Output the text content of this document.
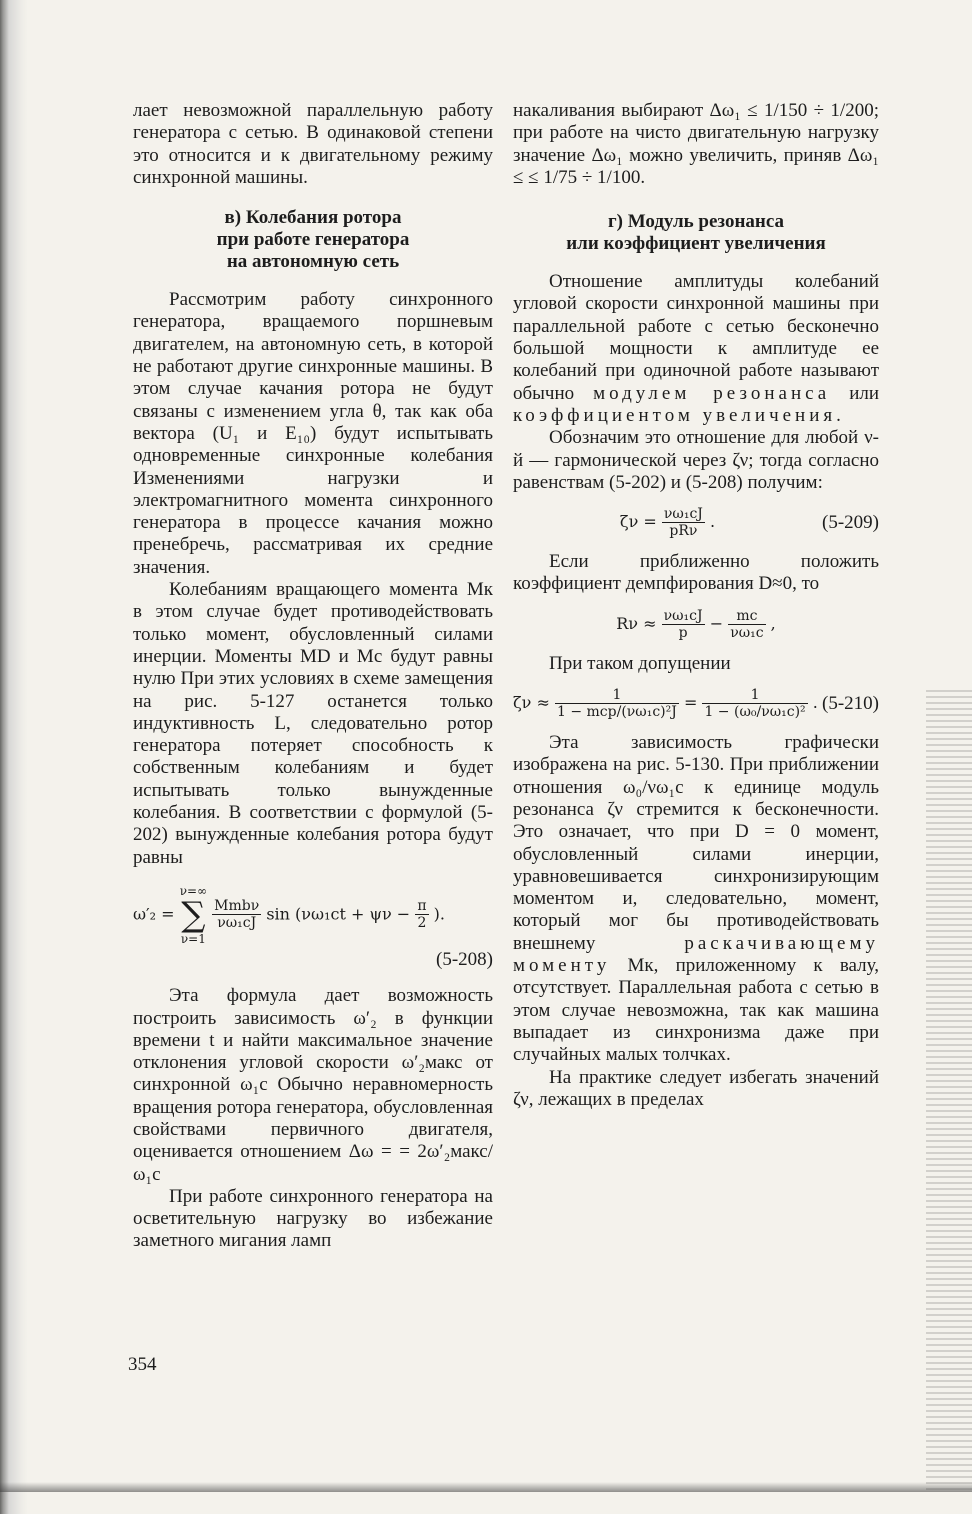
лает невозможной параллельную работу генератора с сетью. В одинаковой степени это относится и к двигательному режиму синхронной машины.

в) Колебания ротора
при работе генератора
на автономную сеть

Рассмотрим работу синхронного генератора, вращаемого поршневым двигателем, на автономную сеть, в которой не работают другие синхронные машины. В этом случае качания ротора не будут связаны с изменением угла θ, так как оба вектора (U₁ и E₁₀) будут испытывать одновременные синхронные колебания Изменениями нагрузки и электромагнитного момента синхронного генератора в процессе качания можно пренебречь, рассматривая их средние значения.

Колебаниям вращающего момента Mк в этом случае будет противодействовать только момент, обусловленный силами инерции. Моменты MD и Mc будут равны нулю При этих условиях в схеме замещения на рис. 5-127 останется только индуктивность L, следовательно ротор генератора потеряет способность к собственным колебаниям и будет испытывать только вынужденные колебания. В соответствии с формулой (5-202) вынужденные колебания ротора будут равны

ω′₂ =
ν=∞
∑
ν=1

$\frac{\text{Mmbν}}{\text{νω₁cJ}}$ $\sin (\nu\omega_1ct + \psi\nu - \frac{\pi}{2}$ ).
(5-208)

Эта формула дает возможность построить зависимость ω′₂ в функции времени t и найти максимальное значение отклонения угловой скорости ω′₂макс от синхронной ω₁c Обычно неравномерность вращения ротора генератора, обусловленная свойствами первичного двигателя, оценивается отношением Δω = = 2ω′₂макс/ω₁c

При работе синхронного генератора на осветительную нагрузку во избежание заметного мигания ламп

накаливания выбирают Δω₁ ≤ 1/150 ÷ 1/200; при работе на чисто двигательную нагрузку значение Δω₁ можно увеличить, приняв Δω₁ ≤ ≤ 1/75 ÷ 1/100.

г) Модуль резонанса
или коэффициент увеличения

Отношение амплитуды колебаний угловой скорости синхронной машины при параллельной работе с сетью бесконечно большой мощности к амплитуде ее колебаний при одиночной работе называют обычно модулем резонанса или коэффициентом увеличения.

Обозначим это отношение для любой ν-й — гармонической через ζν; тогда согласно равенствам (5-202) и (5-208) получим:

(5-209)
$\zeta\nu = \frac{\text{νω₁cJ}}{\text{pRν}}$ .

Если приближенно положить коэффициент демпфирования D≈0, то

$R\nu \approx \frac{\text{νω₁cJ}}{p} - \frac{mc}{\text{νω₁c}}$ ,

При таком допущении

(5-210)
$\zeta\nu \approx \frac{1}{\text{1 − mcp/(νω₁c)²J}} = \frac{1}{\text{1 − (ω₀/νω₁c)²}}$ .

Эта зависимость графически изображена на рис. 5-130. При приближении отношения ω₀/νω₁c к единице модуль резонанса ζν стремится к бесконечности. Это означает, что при D = 0 момент, обусловленный силами инерции, уравновешивается синхронизирующим моментом и, следовательно, момент, который мог бы противодействовать внешнему	раскачивающему моменту Mк, приложенному к валу, отсутствует. Параллельная работа с сетью в этом случае невозможна, так как машина выпадает из синхронизма даже при случайных малых толчках.

На практике следует избегать значений ζν, лежащих в пределах

354
